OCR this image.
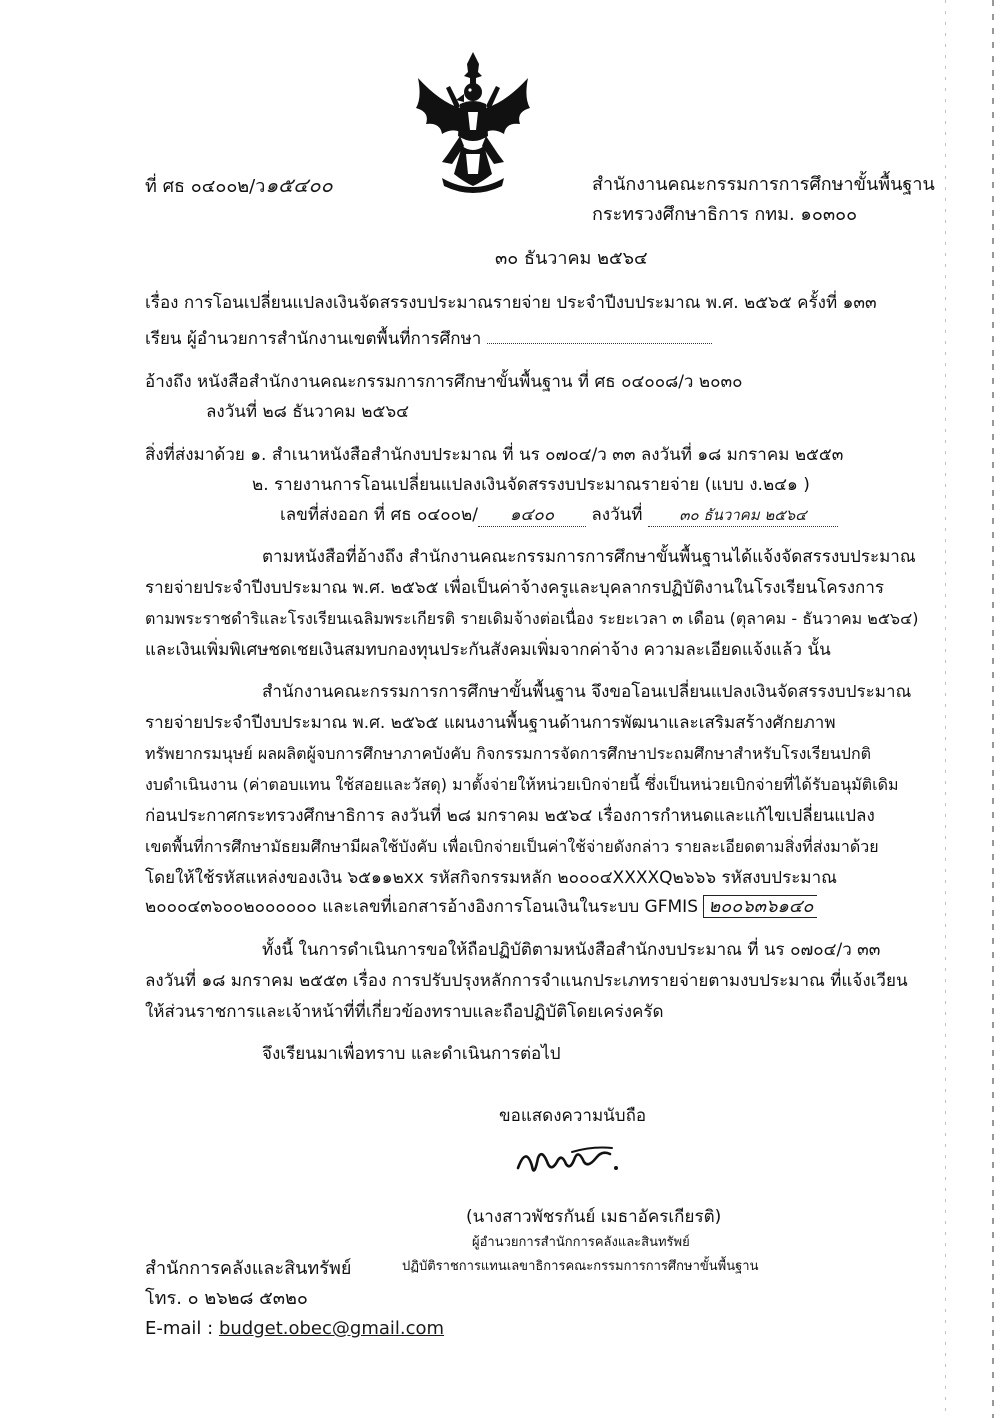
ที่ ศธ ๐๔๐๐๒/ว๑๕๔๐๐	สำนักงานคณะกรรมการการศึกษาขั้นพื้นฐาน
กระทรวงศึกษาธิการ กทม. ๑๐๓๐๐
๓๐ ธันวาคม ๒๕๖๔
เรื่อง การโอนเปลี่ยนแปลงเงินจัดสรรงบประมาณรายจ่าย ประจำปีงบประมาณ พ.ศ. ๒๕๖๕ ครั้งที่ ๑๓๓
เรียน ผู้อำนวยการสำนักงานเขตพื้นที่การศึกษา
อ้างถึง หนังสือสำนักงานคณะกรรมการการศึกษาขั้นพื้นฐาน ที่ ศธ ๐๔๐๐๘/ว ๒๐๓๐
ลงวันที่ ๒๘ ธันวาคม ๒๕๖๔
สิ่งที่ส่งมาด้วย ๑. สำเนาหนังสือสำนักงบประมาณ ที่ นร ๐๗๐๔/ว ๓๓ ลงวันที่ ๑๘ มกราคม ๒๕๕๓
๒. รายงานการโอนเปลี่ยนแปลงเงินจัดสรรงบประมาณรายจ่าย (แบบ ง.๒๔๑ )
เลขที่ส่งออก ที่ ศธ ๐๔๐๐๒/ ๑๔๐๐ ลงวันที่ ๓๐ ธันวาคม ๒๕๖๔
ตามหนังสือที่อ้างถึง สำนักงานคณะกรรมการการศึกษาขั้นพื้นฐานได้แจ้งจัดสรรงบประมาณ
รายจ่ายประจำปีงบประมาณ พ.ศ. ๒๕๖๕ เพื่อเป็นค่าจ้างครูและบุคลากรปฏิบัติงานในโรงเรียนโครงการ
ตามพระราชดำริและโรงเรียนเฉลิมพระเกียรติ รายเดิมจ้างต่อเนื่อง ระยะเวลา ๓ เดือน (ตุลาคม - ธันวาคม ๒๕๖๔)
และเงินเพิ่มพิเศษชดเชยเงินสมทบกองทุนประกันสังคมเพิ่มจากค่าจ้าง ความละเอียดแจ้งแล้ว นั้น
สำนักงานคณะกรรมการการศึกษาขั้นพื้นฐาน จึงขอโอนเปลี่ยนแปลงเงินจัดสรรงบประมาณ
รายจ่ายประจำปีงบประมาณ พ.ศ. ๒๕๖๕ แผนงานพื้นฐานด้านการพัฒนาและเสริมสร้างศักยภาพ
ทรัพยากรมนุษย์ ผลผลิตผู้จบการศึกษาภาคบังคับ กิจกรรมการจัดการศึกษาประถมศึกษาสำหรับโรงเรียนปกติ
งบดำเนินงาน (ค่าตอบแทน ใช้สอยและวัสดุ) มาตั้งจ่ายให้หน่วยเบิกจ่ายนี้ ซึ่งเป็นหน่วยเบิกจ่ายที่ได้รับอนุมัติเดิม
ก่อนประกาศกระทรวงศึกษาธิการ ลงวันที่ ๒๘ มกราคม ๒๕๖๔ เรื่องการกำหนดและแก้ไขเปลี่ยนแปลง
เขตพื้นที่การศึกษามัธยมศึกษามีผลใช้บังคับ เพื่อเบิกจ่ายเป็นค่าใช้จ่ายดังกล่าว รายละเอียดตามสิ่งที่ส่งมาด้วย
โดยให้ใช้รหัสแหล่งของเงิน ๖๕๑๑๒xx รหัสกิจกรรมหลัก ๒๐๐๐๔XXXXQ๒๖๖๖ รหัสงบประมาณ
๒๐๐๐๔๓๖๐๐๒๐๐๐๐๐๐ และเลขที่เอกสารอ้างอิงการโอนเงินในระบบ GFMIS ๒๐๐๖๓๖๑๔๐
ทั้งนี้ ในการดำเนินการขอให้ถือปฏิบัติตามหนังสือสำนักงบประมาณ ที่ นร ๐๗๐๔/ว ๓๓
ลงวันที่ ๑๘ มกราคม ๒๕๕๓ เรื่อง การปรับปรุงหลักการจำแนกประเภทรายจ่ายตามงบประมาณ ที่แจ้งเวียน
ให้ส่วนราชการและเจ้าหน้าที่ที่เกี่ยวข้องทราบและถือปฏิบัติโดยเคร่งครัด
จึงเรียนมาเพื่อทราบ และดำเนินการต่อไป
ขอแสดงความนับถือ
(นางสาวพัชรกันย์ เมธาอัครเกียรติ)
ผู้อำนวยการสำนักการคลังและสินทรัพย์
ปฏิบัติราชการแทนเลขาธิการคณะกรรมการการศึกษาขั้นพื้นฐาน
สำนักการคลังและสินทรัพย์
โทร. ๐ ๒๖๒๘ ๕๓๒๐
E-mail : budget.obec@gmail.com
